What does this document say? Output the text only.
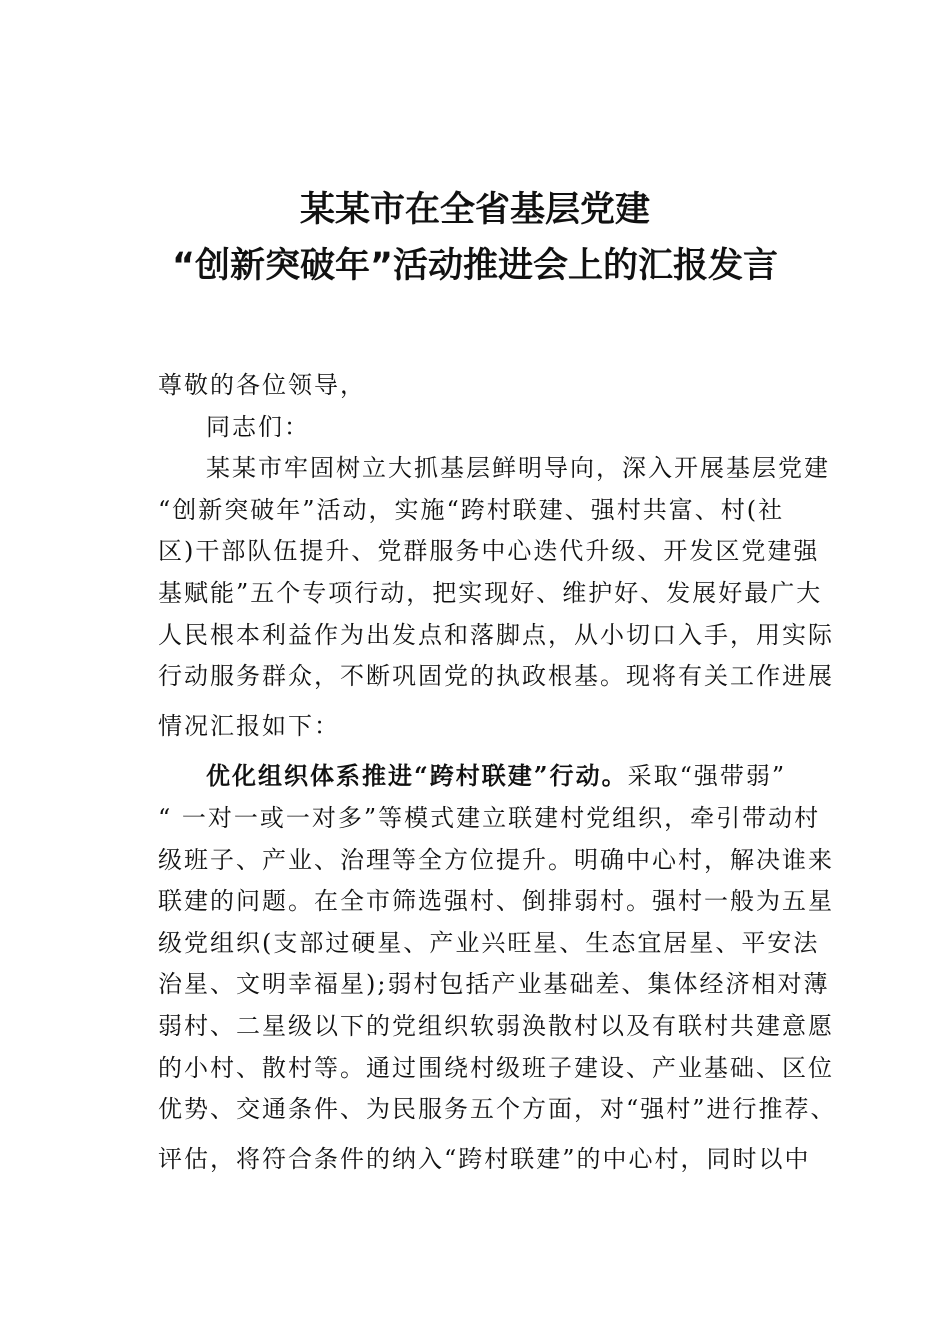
某某市在全省基层党建
“创新突破年”活动推进会上的汇报发言
尊敬的各位领导，
同志们：
某某市牢固树立大抓基层鲜明导向，深入开展基层党建
“创新突破年”活动，实施“跨村联建、强村共富、村(社
区)干部队伍提升、党群服务中心迭代升级、开发区党建强
基赋能”五个专项行动，把实现好、维护好、发展好最广大
人民根本利益作为出发点和落脚点，从小切口入手，用实际
行动服务群众，不断巩固党的执政根基。现将有关工作进展
情况汇报如下：
优化组织体系推进“跨村联建”行动。采取“强带弱”
“ 一对一或一对多”等模式建立联建村党组织，牵引带动村
级班子、产业、治理等全方位提升。明确中心村，解决谁来
联建的问题。在全市筛选强村、倒排弱村。强村一般为五星
级党组织(支部过硬星、产业兴旺星、生态宜居星、平安法
治星、文明幸福星);弱村包括产业基础差、集体经济相对薄
弱村、二星级以下的党组织软弱涣散村以及有联村共建意愿
的小村、散村等。通过围绕村级班子建设、产业基础、区位
优势、交通条件、为民服务五个方面，对“强村”进行推荐、
评估，将符合条件的纳入“跨村联建”的中心村，同时以中
